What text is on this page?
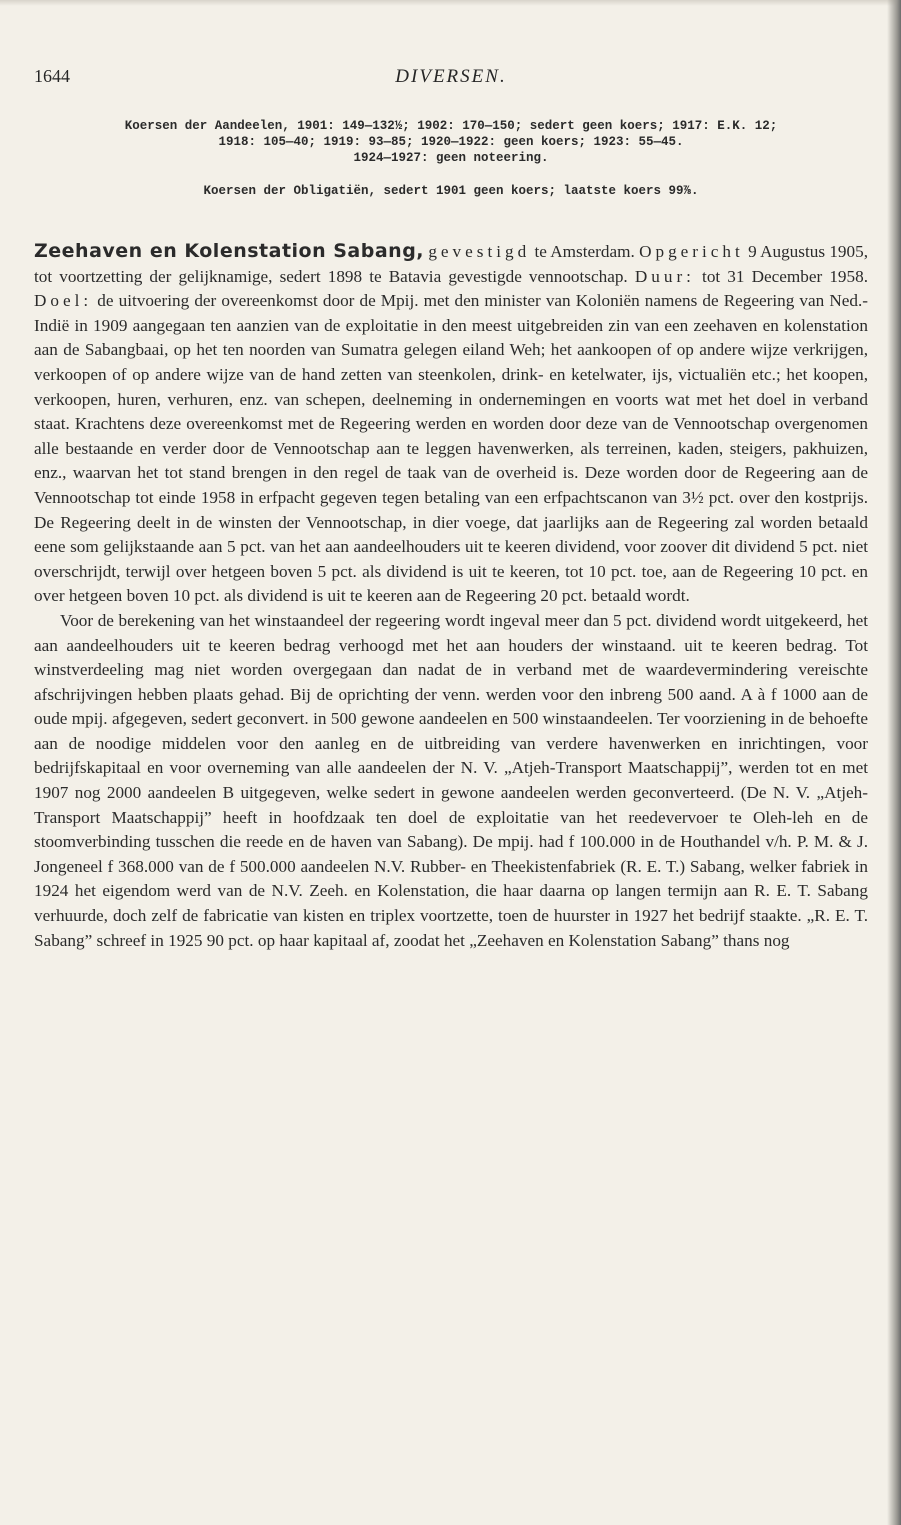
1644	DIVERSEN.
Koersen der Aandeelen, 1901: 149—132½; 1902: 170—150; sedert geen koers; 1917: E.K. 12;
1918: 105—40; 1919: 93—85; 1920—1922: geen koers; 1923: 55—45.
1924—1927: geen noteering.
Koersen der Obligatiën, sedert 1901 geen koers; laatste koers 99⅞.

Zeehaven en Kolenstation Sabang, gevestigd te Amsterdam. Opgericht 9 Augustus 1905, tot voortzetting der gelijknamige, sedert 1898 te Batavia gevestigde vennootschap. Duur: tot 31 December 1958. Doel: de uitvoering der overeenkomst door de Mpij. met den minister van Koloniën namens de Regeering van Ned.-Indië in 1909 aangegaan ten aanzien van de exploitatie in den meest uitgebreiden zin van een zeehaven en kolenstation aan de Sabangbaai, op het ten noorden van Sumatra gelegen eiland Weh; het aankoopen of op andere wijze verkrijgen, verkoopen of op andere wijze van de hand zetten van steenkolen, drink- en ketelwater, ijs, victualiën etc.; het koopen, verkoopen, huren, verhuren, enz. van schepen, deelneming in ondernemingen en voorts wat met het doel in verband staat. Krachtens deze overeenkomst met de Regeering werden en worden door deze van de Vennootschap overgenomen alle bestaande en verder door de Vennootschap aan te leggen havenwerken, als terreinen, kaden, steigers, pakhuizen, enz., waarvan het tot stand brengen in den regel de taak van de overheid is. Deze worden door de Regeering aan de Vennootschap tot einde 1958 in erfpacht gegeven tegen betaling van een erfpachtscanon van 3½ pct. over den kostprijs. De Regeering deelt in de winsten der Vennootschap, in dier voege, dat jaarlijks aan de Regeering zal worden betaald eene som gelijkstaande aan 5 pct. van het aan aandeelhouders uit te keeren dividend, voor zoover dit dividend 5 pct. niet overschrijdt, terwijl over hetgeen boven 5 pct. als dividend is uit te keeren, tot 10 pct. toe, aan de Regeering 10 pct. en over hetgeen boven 10 pct. als dividend is uit te keeren aan de Regeering 20 pct. betaald wordt.

Voor de berekening van het winstaandeel der regeering wordt ingeval meer dan 5 pct. dividend wordt uitgekeerd, het aan aandeelhouders uit te keeren bedrag verhoogd met het aan houders der winstaand. uit te keeren bedrag. Tot winstverdeeling mag niet worden overgegaan dan nadat de in verband met de waardevermindering vereischte afschrijvingen hebben plaats gehad. Bij de oprichting der venn. werden voor den inbreng 500 aand. A à f 1000 aan de oude mpij. afgegeven, sedert geconvert. in 500 gewone aandeelen en 500 winstaandeelen. Ter voorziening in de behoefte aan de noodige middelen voor den aanleg en de uitbreiding van verdere havenwerken en inrichtingen, voor bedrijfskapitaal en voor overneming van alle aandeelen der N. V. „Atjeh-Transport Maatschappij”, werden tot en met 1907 nog 2000 aandeelen B uitgegeven, welke sedert in gewone aandeelen werden geconverteerd. (De N. V. „Atjeh-Transport Maatschappij” heeft in hoofdzaak ten doel de exploitatie van het reedevervoer te Oleh-leh en de stoomverbinding tusschen die reede en de haven van Sabang). De mpij. had f 100.000 in de Houthandel v/h. P. M. & J. Jongeneel f 368.000 van de f 500.000 aandeelen N.V. Rubber- en Theekistenfabriek (R. E. T.) Sabang, welker fabriek in 1924 het eigendom werd van de N.V. Zeeh. en Kolenstation, die haar daarna op langen termijn aan R. E. T. Sabang verhuurde, doch zelf de fabricatie van kisten en triplex voortzette, toen de huurster in 1927 het bedrijf staakte. „R. E. T. Sabang” schreef in 1925 90 pct. op haar kapitaal af, zoodat het „Zeehaven en Kolenstation Sabang” thans nog
